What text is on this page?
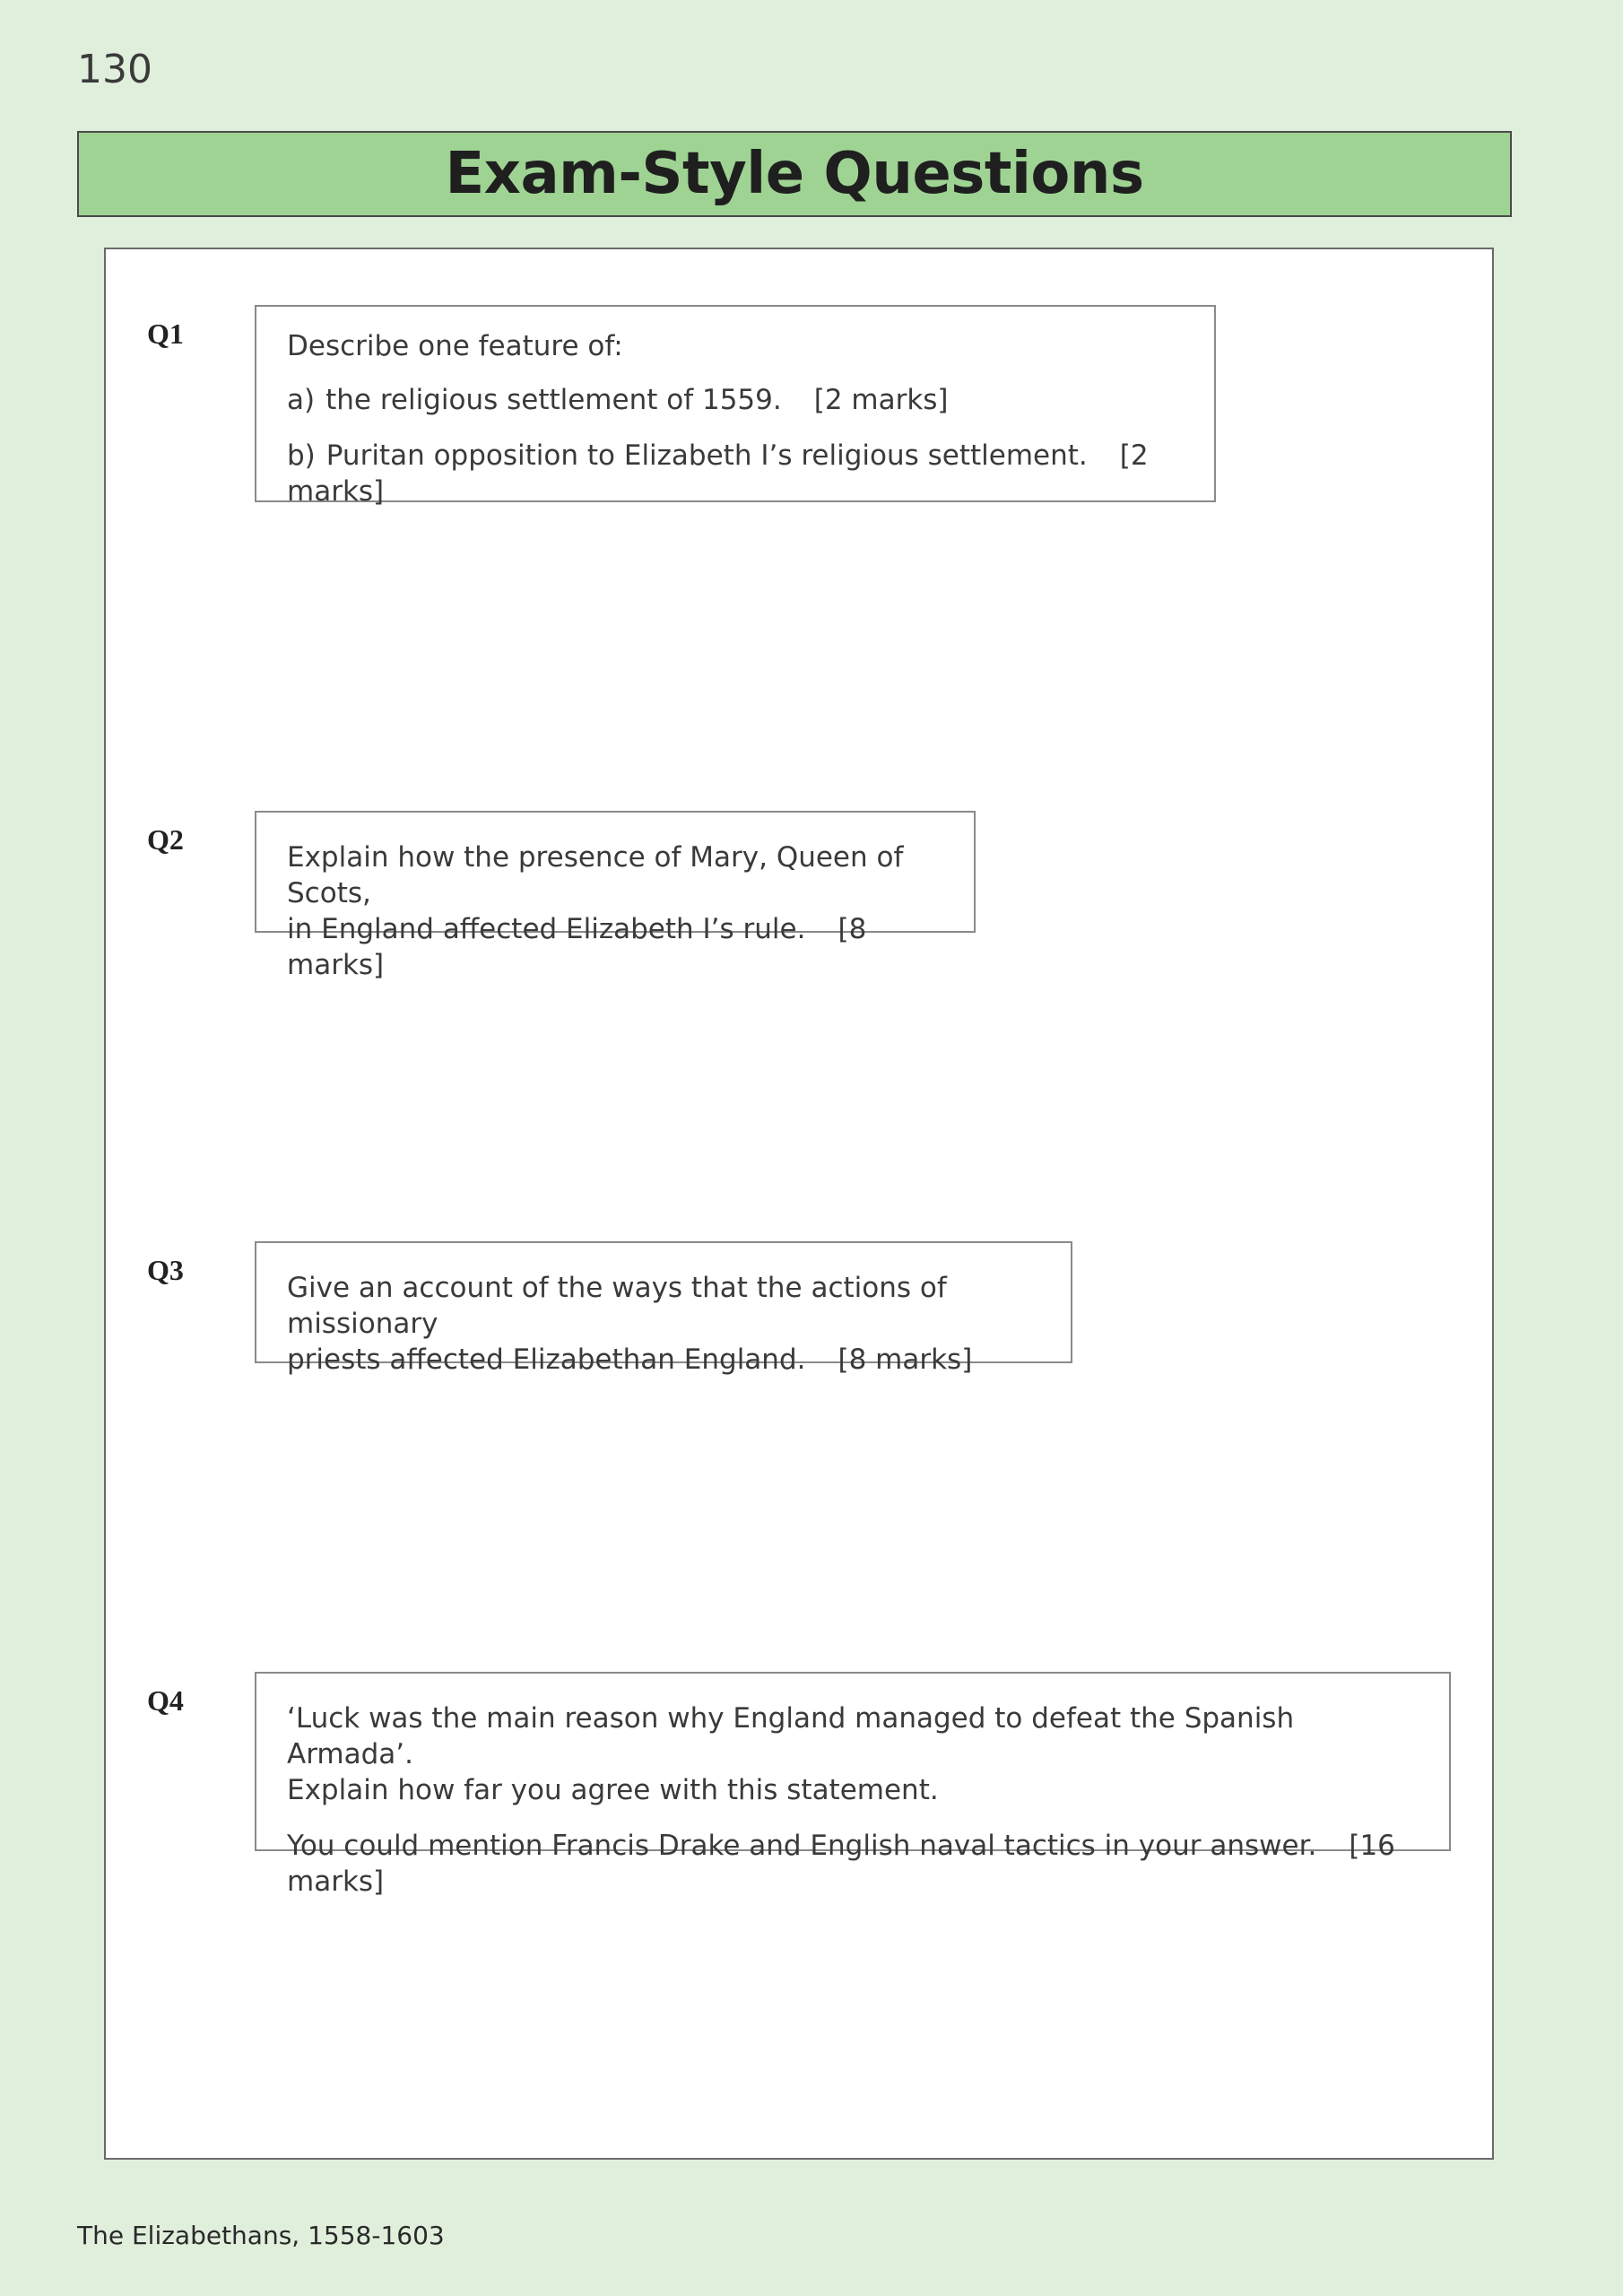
130
Exam-Style Questions
Q1	Describe one feature of:

a) the religious settlement of 1559. [2 marks]

b) Puritan opposition to Elizabeth I’s religious settlement. [2 marks]

Q2

Explain how the presence of Mary, Queen of Scots,

in England affected Elizabeth I’s rule. [8 marks]

Q3

Give an account of the ways that the actions of missionary

priests affected Elizabethan England. [8 marks]

Q4

‘Luck was the main reason why England managed to defeat the Spanish Armada’.

Explain how far you agree with this statement.

You could mention Francis Drake and English naval tactics in your answer. [16 marks]

The Elizabethans, 1558-1603
